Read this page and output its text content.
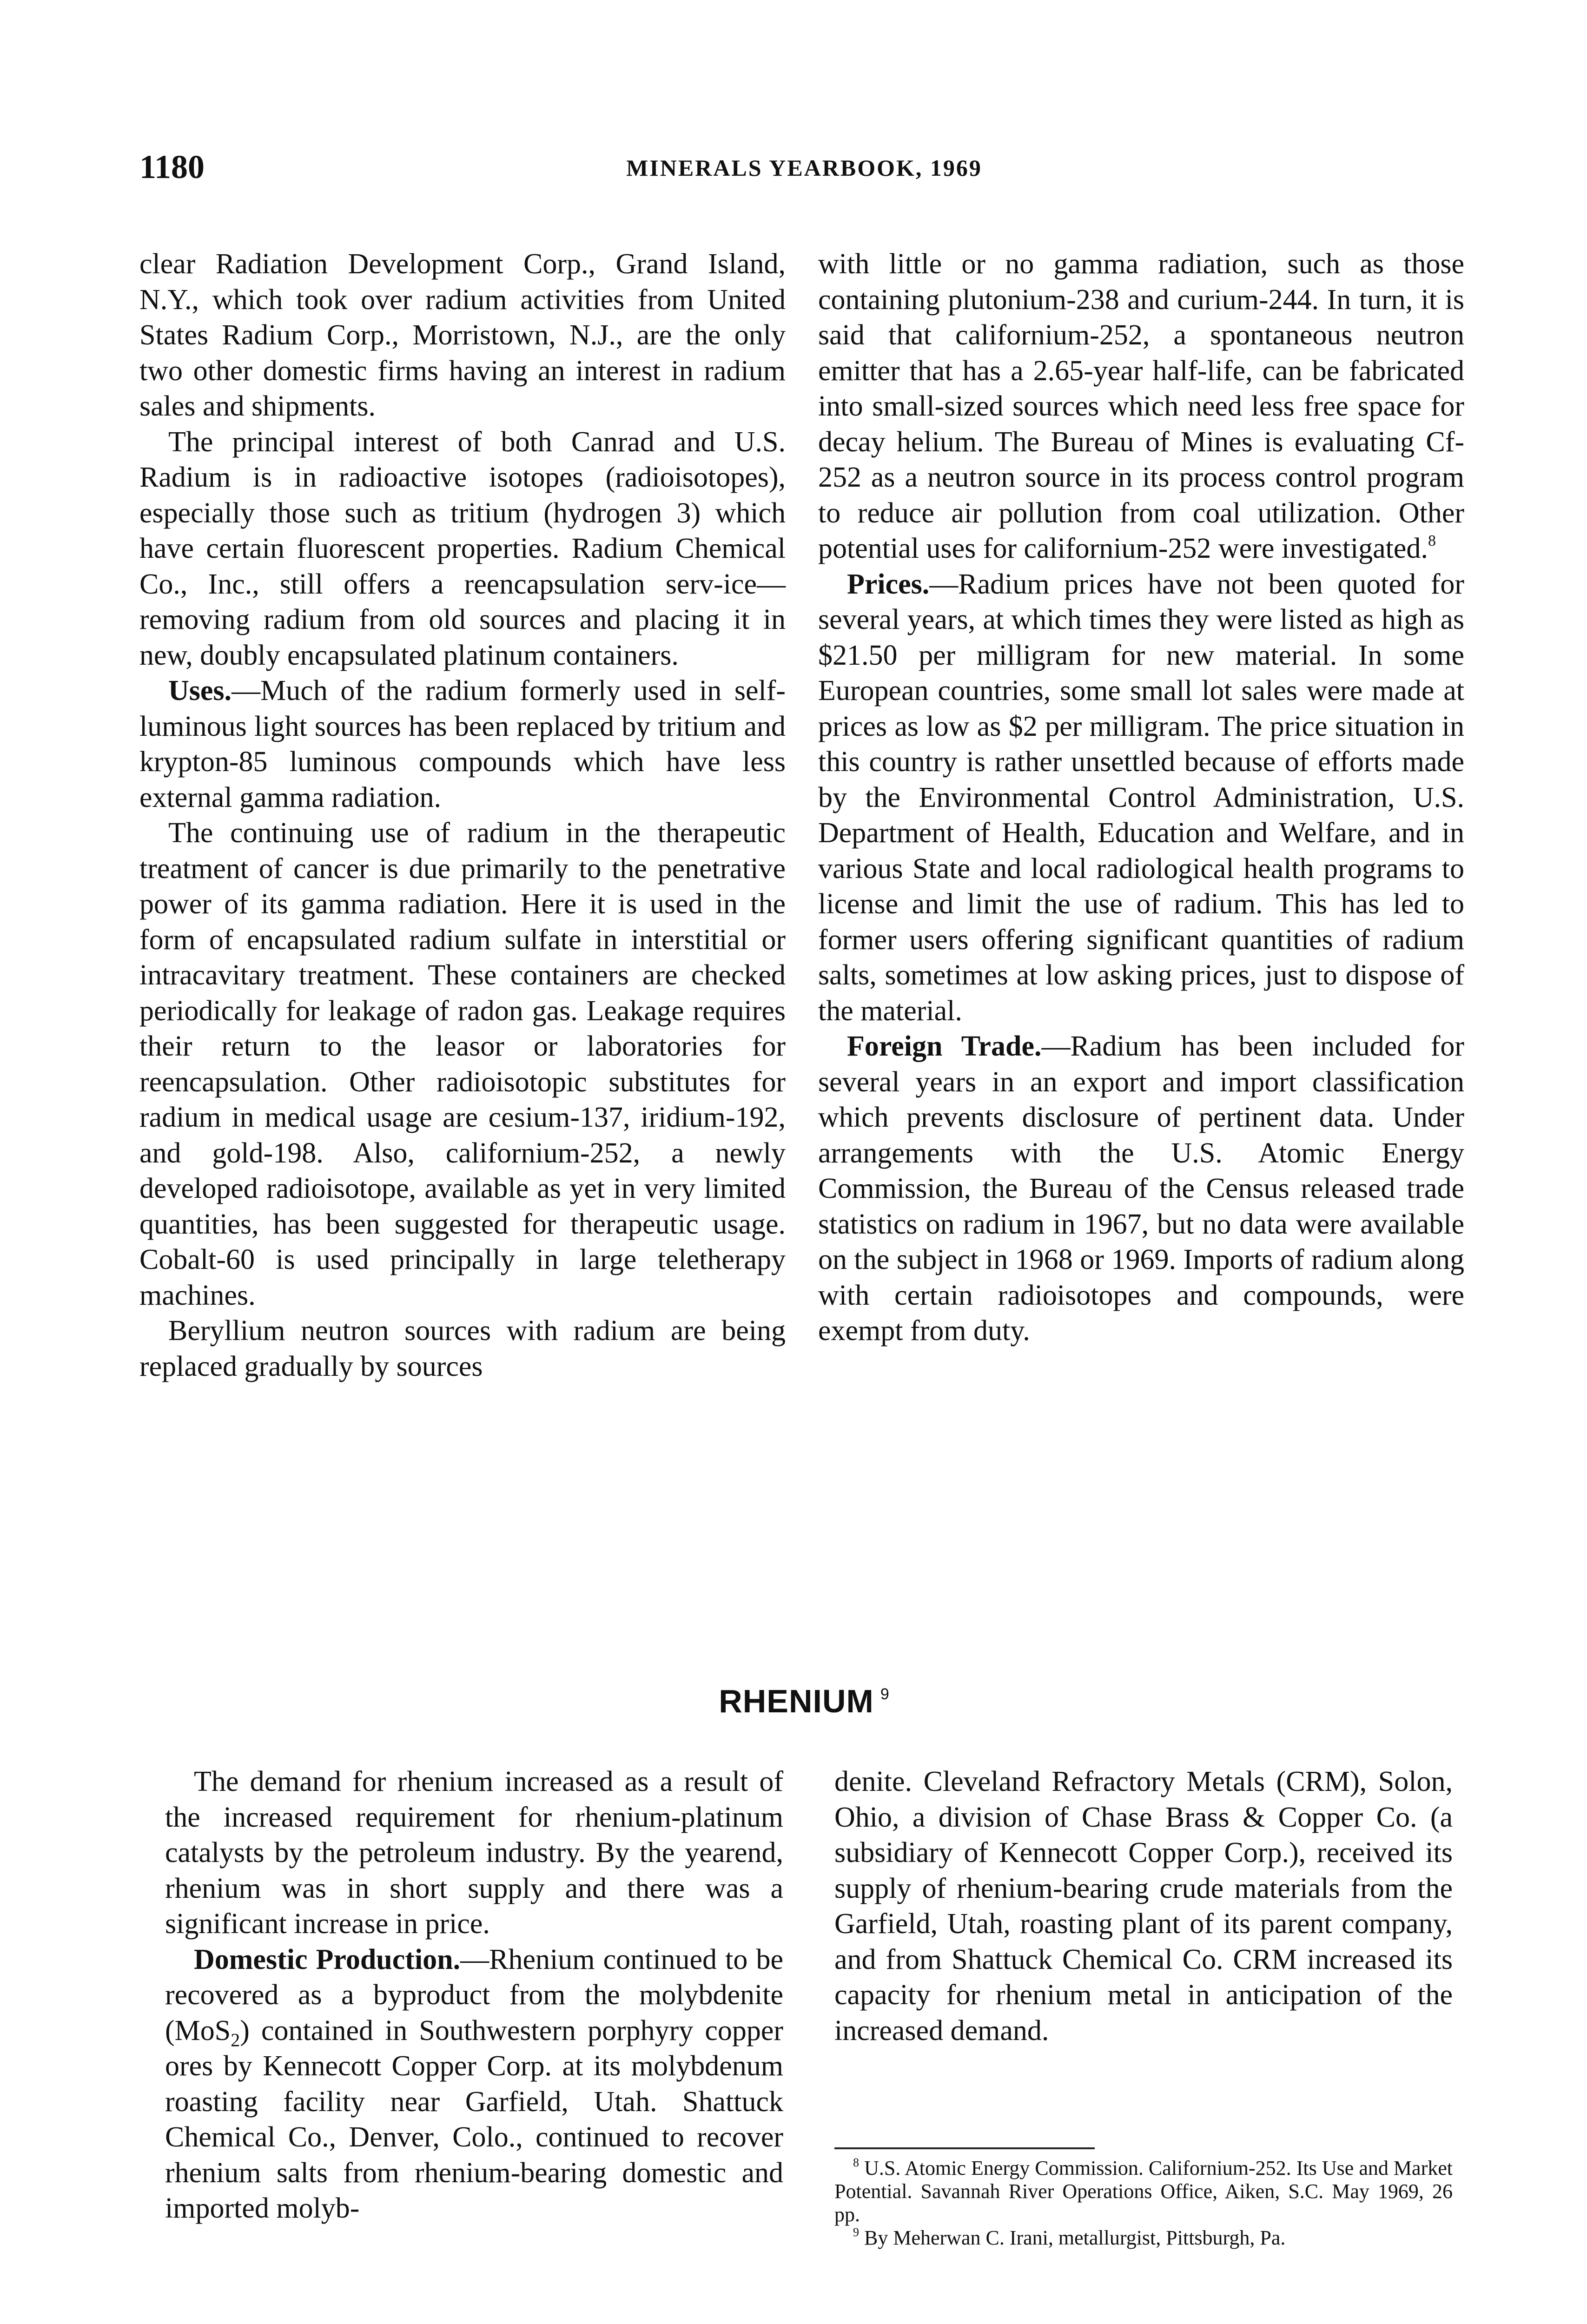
1180	MINERALS YEARBOOK, 1969

clear Radiation Development Corp., Grand Island, N.Y., which took over radium activities from United States Radium Corp., Morristown, N.J., are the only two other domestic firms having an interest in radium sales and shipments.

The principal interest of both Canrad and U.S. Radium is in radioactive isotopes (radioisotopes), especially those such as tritium (hydrogen 3) which have certain fluorescent properties. Radium Chemical Co., Inc., still offers a reencapsulation serv-ice—removing radium from old sources and placing it in new, doubly encapsulated platinum containers.

Uses.—Much of the radium formerly used in self-luminous light sources has been replaced by tritium and krypton-85 luminous compounds which have less external gamma radiation.

The continuing use of radium in the therapeutic treatment of cancer is due primarily to the penetrative power of its gamma radiation. Here it is used in the form of encapsulated radium sulfate in interstitial or intracavitary treatment. These containers are checked periodically for leakage of radon gas. Leakage requires their return to the leasor or laboratories for reencapsulation. Other radioisotopic substitutes for radium in medical usage are cesium-137, iridium-192, and gold-198. Also, californium-252, a newly developed radioisotope, available as yet in very limited quantities, has been suggested for therapeutic usage. Cobalt-60 is used principally in large teletherapy machines.

Beryllium neutron sources with radium are being replaced gradually by sources

with little or no gamma radiation, such as those containing plutonium-238 and curium-244. In turn, it is said that californium-252, a spontaneous neutron emitter that has a 2.65-year half-life, can be fabricated into small-sized sources which need less free space for decay helium. The Bureau of Mines is evaluating Cf-252 as a neutron source in its process control program to reduce air pollution from coal utilization. Other potential uses for californium-252 were investigated.$^8$

Prices.—Radium prices have not been quoted for several years, at which times they were listed as high as $21.50 per milligram for new material. In some European countries, some small lot sales were made at prices as low as $2 per milligram. The price situation in this country is rather unsettled because of efforts made by the Environmental Control Administration, U.S. Department of Health, Education and Welfare, and in various State and local radiological health programs to license and limit the use of radium. This has led to former users offering significant quantities of radium salts, sometimes at low asking prices, just to dispose of the material.

Foreign Trade.—Radium has been included for several years in an export and import classification which prevents disclosure of pertinent data. Under arrangements with the U.S. Atomic Energy Commission, the Bureau of the Census released trade statistics on radium in 1967, but no data were available on the subject in 1968 or 1969. Imports of radium along with certain radioisotopes and compounds, were exempt from duty.

RHENIUM $^9$

The demand for rhenium increased as a result of the increased requirement for rhenium-platinum catalysts by the petroleum industry. By the yearend, rhenium was in short supply and there was a significant increase in price.

Domestic Production.—Rhenium continued to be recovered as a byproduct from the molybdenite (MoS$_2$) contained in Southwestern porphyry copper ores by Kennecott Copper Corp. at its molybdenum roasting facility near Garfield, Utah. Shattuck Chemical Co., Denver, Colo., continued to recover rhenium salts from rhenium-bearing domestic and imported molyb-

denite. Cleveland Refractory Metals (CRM), Solon, Ohio, a division of Chase Brass & Copper Co. (a subsidiary of Kennecott Copper Corp.), received its supply of rhenium-bearing crude materials from the Garfield, Utah, roasting plant of its parent company, and from Shattuck Chemical Co. CRM increased its capacity for rhenium metal in anticipation of the increased demand.

$^8$ U.S. Atomic Energy Commission. Californium-252. Its Use and Market Potential. Savannah River Operations Office, Aiken, S.C. May 1969, 26 pp.

$^9$ By Meherwan C. Irani, metallurgist, Pittsburgh, Pa.
